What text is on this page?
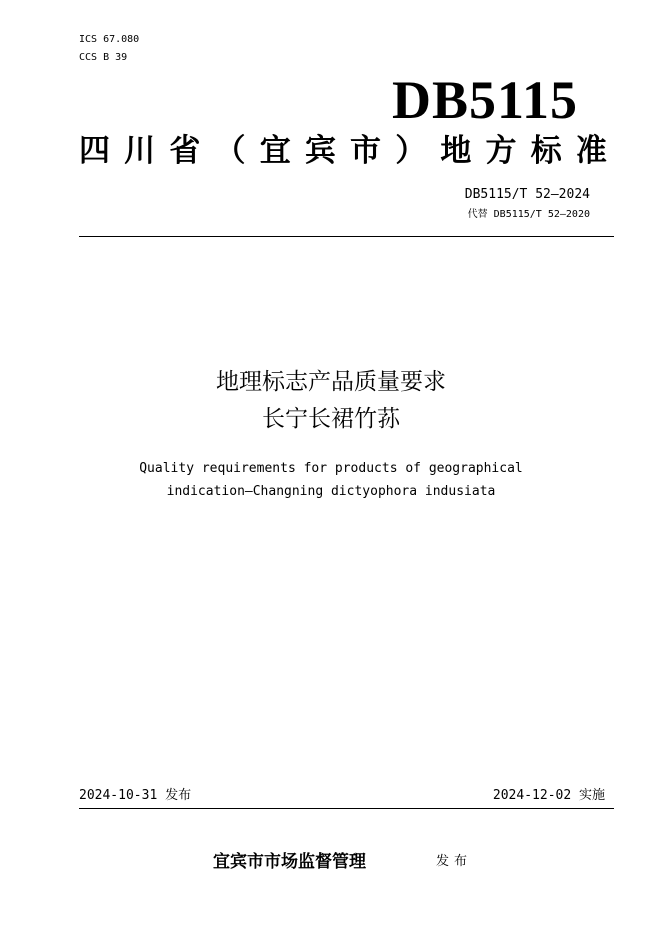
ICS 67.080
CCS B 39
DB5115
四 川 省 （ 宜 宾 市 ） 地 方 标 准
DB5115/T 52—2024
代替 DB5115/T 52—2020
地理标志产品质量要求
长宁长裙竹荪
Quality requirements for products of geographical
indication—Changning dictyophora indusiata
2024-10-31 发布	2024-12-02 实施
宜宾市市场监督管理	发布
